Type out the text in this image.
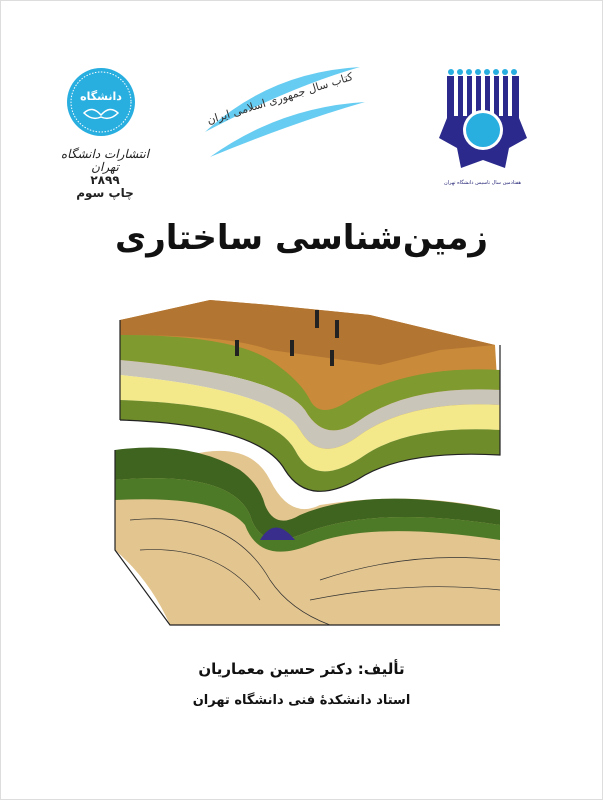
دانشگاه
انتشارات دانشگاه تهران
۲۸۹۹
چاپ سوم
کتاب سال جمهوری اسلامی ایران
هفتادمین سال تاسیس دانشگاه تهران
زمین‌شناسی ساختاری
تألیف: دکتر حسین معماریان
استاد دانشکدهٔ فنی دانشگاه تهران
